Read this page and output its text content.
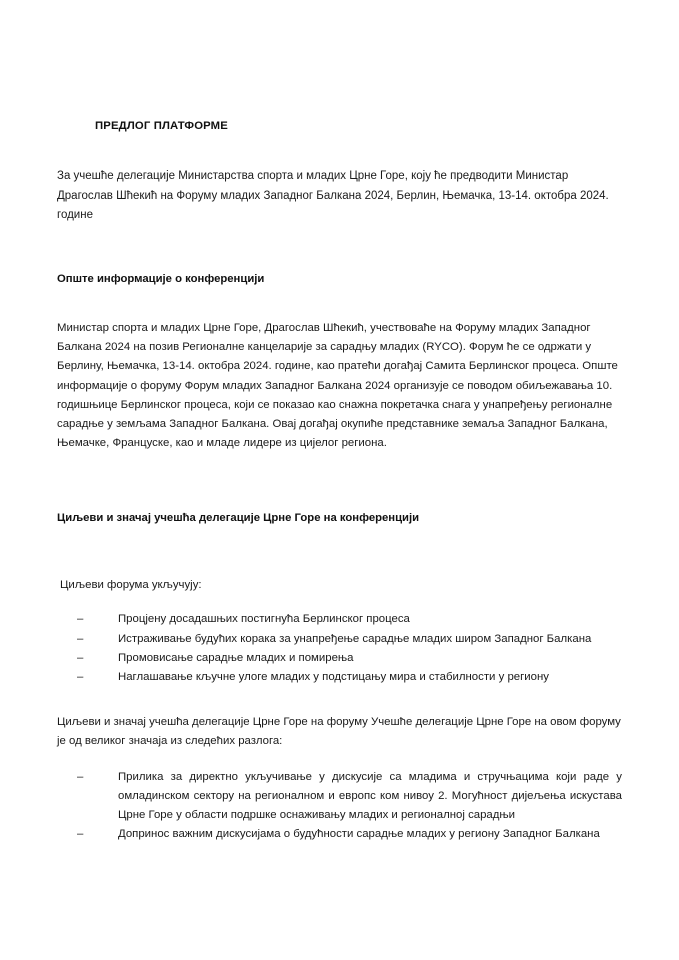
ПРЕДЛОГ ПЛАТФОРМЕ

За учешће делегације Министарства спорта и младих Црне Горе, коју ће предводити Министар Драгослав Шћекић на Форуму младих Западног Балкана 2024, Берлин, Њемачка, 13-14. октобра 2024. године

Опште информације о конференцији

Министар спорта и младих Црне Горе, Драгослав Шћекић, учествоваће на Форуму младих Западног Балкана 2024 на позив Регионалне канцеларије за сарадњу младих (RYCO). Форум ће се одржати у Берлину, Њемачка, 13-14. октобра 2024. године, као пратећи догађај Самита Берлинског процеса. Опште информације о форуму Форум младих Западног Балкана 2024 организује се поводом обиљежавања 10. годишњице Берлинског процеса, који се показао као снажна покретачка снага у унапређењу регионалне сарадње у земљама Западног Балкана. Овај догађај окупиће представнике земаља Западног Балкана, Њемачке, Француске, као и младе лидере из цијелог региона.

Циљеви и значај учешћа делегације Црне Горе на конференцији

Циљеви форума укључују:

–	Процјену досадашњих постигнућа Берлинског процеса
–	Истраживање будућих корака за унапређење сарадње младих широм Западног Балкана
–	Промовисање сарадње младих и помирења
–	Наглашавање кључне улоге младих у подстицању мира и стабилности у региону

Циљеви и значај учешћа делегације Црне Горе на форуму Учешће делегације Црне Горе на овом форуму је од великог значаја из следећих разлога:

–	Прилика за директно укључивање у дискусије са младима и стручњацима који раде у омладинском сектору на регионалном и европс ком нивоу 2. Могућност дијељења искустава Црне Горе у области подршке оснаживању младих и регионалној сарадњи
–	Допринос важним дискусијама о будућности сарадње младих у региону Западног Балкана
